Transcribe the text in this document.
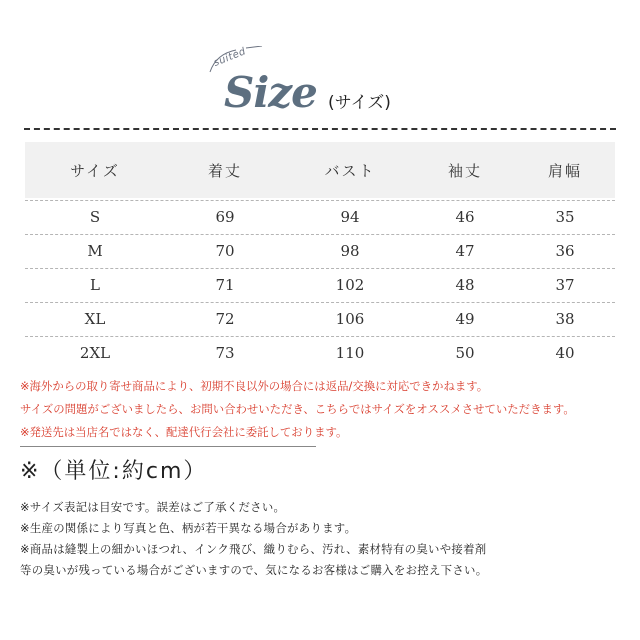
suited
Size (サイズ)
サイズ	着丈	バスト	袖丈	肩幅
S	69	94	46	35
M	70	98	47	36
L	71	102	48	37
XL	72	106	49	38
2XL	73	110	50	40
※海外からの取り寄せ商品により、初期不良以外の場合には返品/交換に対応できかねます。
サイズの問題がございましたら、お問い合わせいただき、こちらではサイズをオススメさせていただきます。
※発送先は当店名ではなく、配達代行会社に委託しております。
※（単位:約cm）
※サイズ表記は目安です。誤差はご了承ください。
※生産の関係により写真と色、柄が若干異なる場合があります。
※商品は縫製上の細かいほつれ、インク飛び、織りむら、汚れ、素材特有の臭いや接着剤
等の臭いが残っている場合がございますので、気になるお客様はご購入をお控え下さい。
